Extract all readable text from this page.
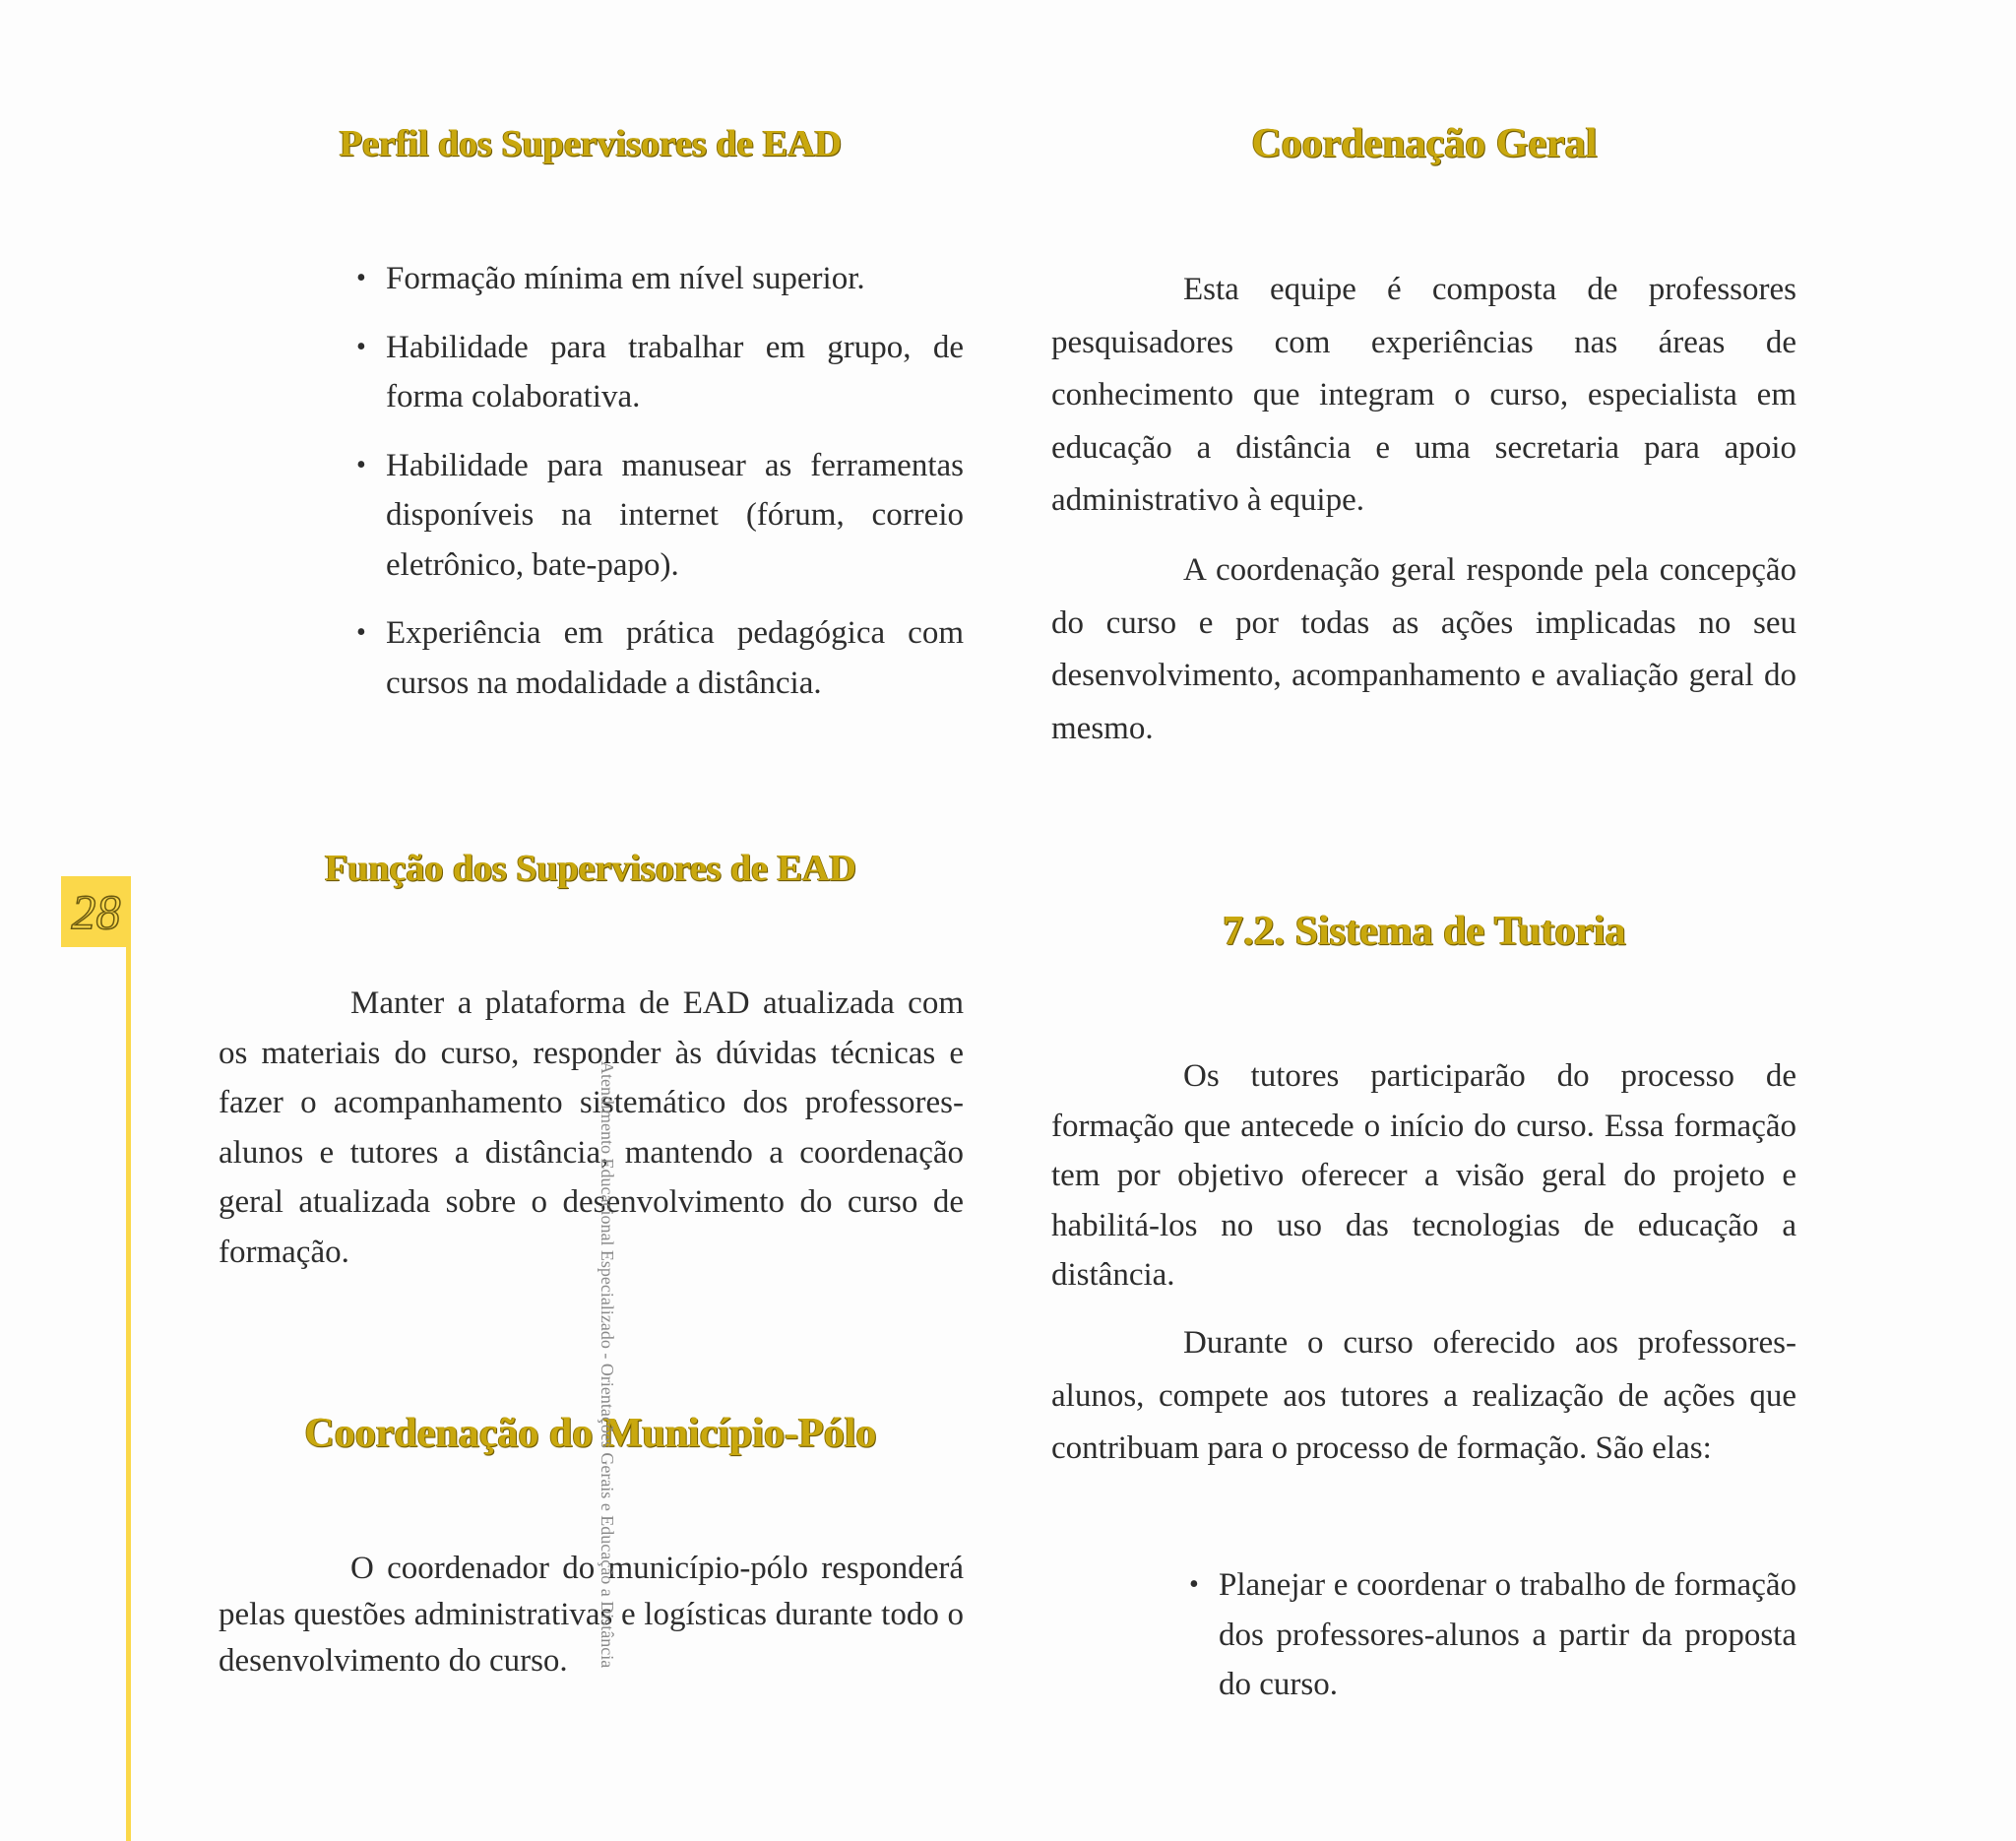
Perfil dos Supervisores de EAD
• Formação mínima em nível superior.
• Habilidade para trabalhar em grupo, de forma colaborativa.
• Habilidade para manusear as ferramentas disponíveis na internet (fórum, correio eletrônico, bate-papo).
• Experiência em prática pedagógica com cursos na modalidade a distância.
Função dos Supervisores de EAD

Manter a plataforma de EAD atualizada com os materiais do curso, responder às dúvidas técnicas e fazer o acompanhamento sistemático dos professores-alunos e tutores a distância, mantendo a coordenação geral atualizada sobre o desenvolvimento do curso de formação.

Coordenação do Município-Pólo

O coordenador do município-pólo responderá pelas questões administrativas e logísticas durante todo o desenvolvimento do curso.

Coordenação Geral

Esta equipe é composta de professores pesquisadores com experiências nas áreas de conhecimento que integram o curso, especialista em educação a distância e uma secretaria para apoio administrativo à equipe.

A coordenação geral responde pela concepção do curso e por todas as ações implicadas no seu desenvolvimento, acompanhamento e avaliação geral do mesmo.

7.2. Sistema de Tutoria

Os tutores participarão do processo de formação que antecede o início do curso. Essa formação tem por objetivo oferecer a visão geral do projeto e habilitá-los no uso das tecnologias de educação a distância.

Durante o curso oferecido aos professores-alunos, compete aos tutores a realização de ações que contribuam para o processo de formação. São elas:

• Planejar e coordenar o trabalho de formação dos professores-alunos a partir da proposta do curso.
28
Atendimento Educacional Especializado - Orientações Gerais e Educação a Distância
